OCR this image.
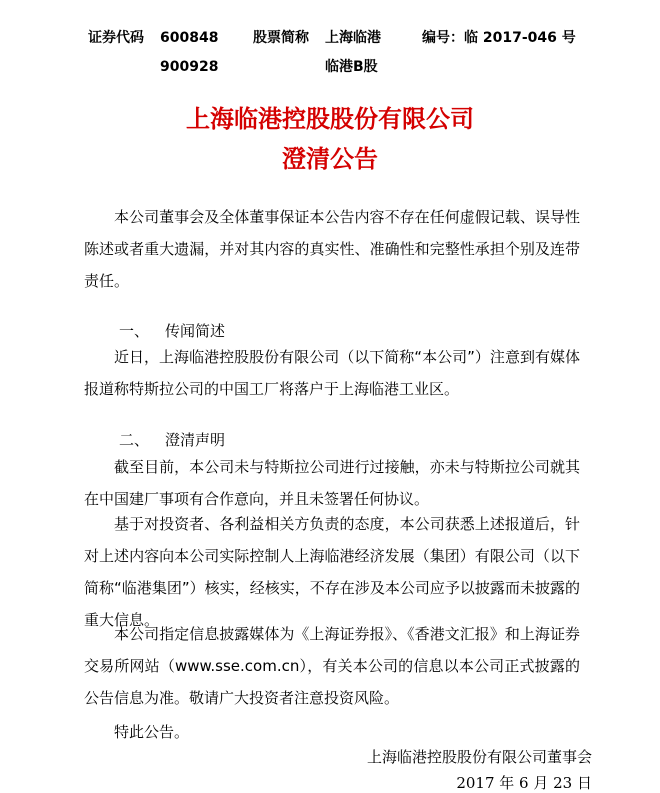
证券代码 600848
900928
股票简称 上海临港
临港B股
编号：临 2017-046 号
上海临港控股股份有限公司
澄清公告
本公司董事会及全体董事保证本公告内容不存在任何虚假记载、误导性陈述或者重大遗漏，并对其内容的真实性、准确性和完整性承担个别及连带责任。
一、 传闻简述
近日，上海临港控股股份有限公司（以下简称“本公司”）注意到有媒体报道称特斯拉公司的中国工厂将落户于上海临港工业区。
二、 澄清声明
截至目前，本公司未与特斯拉公司进行过接触，亦未与特斯拉公司就其在中国建厂事项有合作意向，并且未签署任何协议。
基于对投资者、各利益相关方负责的态度，本公司获悉上述报道后，针对上述内容向本公司实际控制人上海临港经济发展（集团）有限公司（以下简称“临港集团”）核实，经核实，不存在涉及本公司应予以披露而未披露的重大信息。
本公司指定信息披露媒体为《上海证券报》、《香港文汇报》和上海证券交易所网站（www.sse.com.cn），有关本公司的信息以本公司正式披露的公告信息为准。敬请广大投资者注意投资风险。
特此公告。
上海临港控股股份有限公司董事会
2017 年 6 月 23 日
